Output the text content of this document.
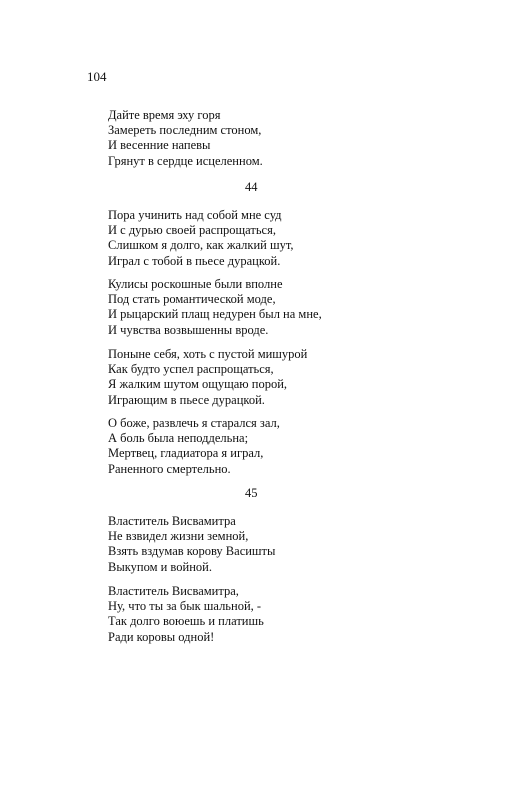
104
Дайте время эху горя
Замереть последним стоном,
И весенние напевы
Грянут в сердце исцеленном.
44
Пора учинить над собой мне суд
И с дурью своей распрощаться,
Слишком я долго, как жалкий шут,
Играл с тобой в пьесе дурацкой.
Кулисы роскошные были вполне
Под стать романтической моде,
И рыцарский плащ недурен был на мне,
И чувства возвышенны вроде.
Поныне себя, хоть с пустой мишурой
Как будто успел распрощаться,
Я жалким шутом ощущаю порой,
Играющим в пьесе дурацкой.
О боже, развлечь я старался зал,
А боль была неподдельна;
Мертвец, гладиатора я играл,
Раненного смертельно.
45
Властитель Висвамитра
Не взвидел жизни земной,
Взять вздумав корову Васишты
Выкупом и войной.
Властитель Висвамитра,
Ну, что ты за бык шальной, -
Так долго воюешь и платишь
Ради коровы одной!
